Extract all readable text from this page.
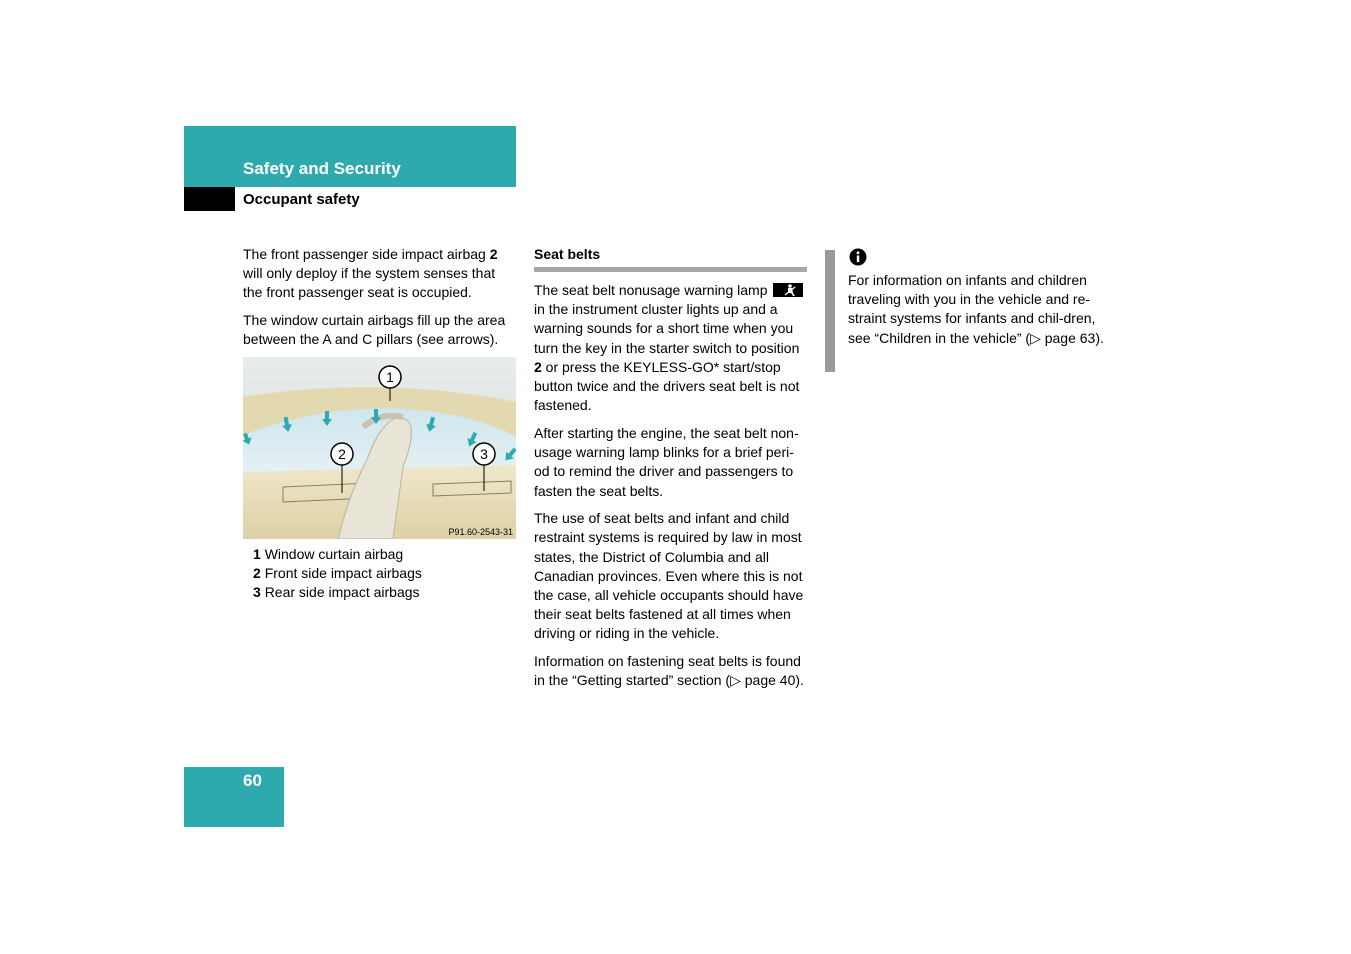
Safety and Security
Occupant safety

The front passenger side impact airbag 2 will only deploy if the system senses that the front passenger seat is occupied.

The window curtain airbags fill up the area between the A and C pillars (see arrows).

1
2	3
P91.60-2543-31
1 Window curtain airbag
2 Front side impact airbags
3 Rear side impact airbags
Seat belts

The seat belt nonusage warning lamp  in the instrument cluster lights up and a warning sounds for a short time when you turn the key in the starter switch to position 2 or press the KEYLESS-GO* start/stop button twice and the drivers seat belt is not fastened.

After starting the engine, the seat belt non-usage warning lamp blinks for a brief peri-od to remind the driver and passengers to fasten the seat belts.

The use of seat belts and infant and child restraint systems is required by law in most states, the District of Columbia and all Canadian provinces. Even where this is not the case, all vehicle occupants should have their seat belts fastened at all times when driving or riding in the vehicle.

Information on fastening seat belts is found in the “Getting started” section (▷ page 40).

For information on infants and children traveling with you in the vehicle and re-straint systems for infants and chil-dren, see “Children in the vehicle” (▷ page 63).
60
